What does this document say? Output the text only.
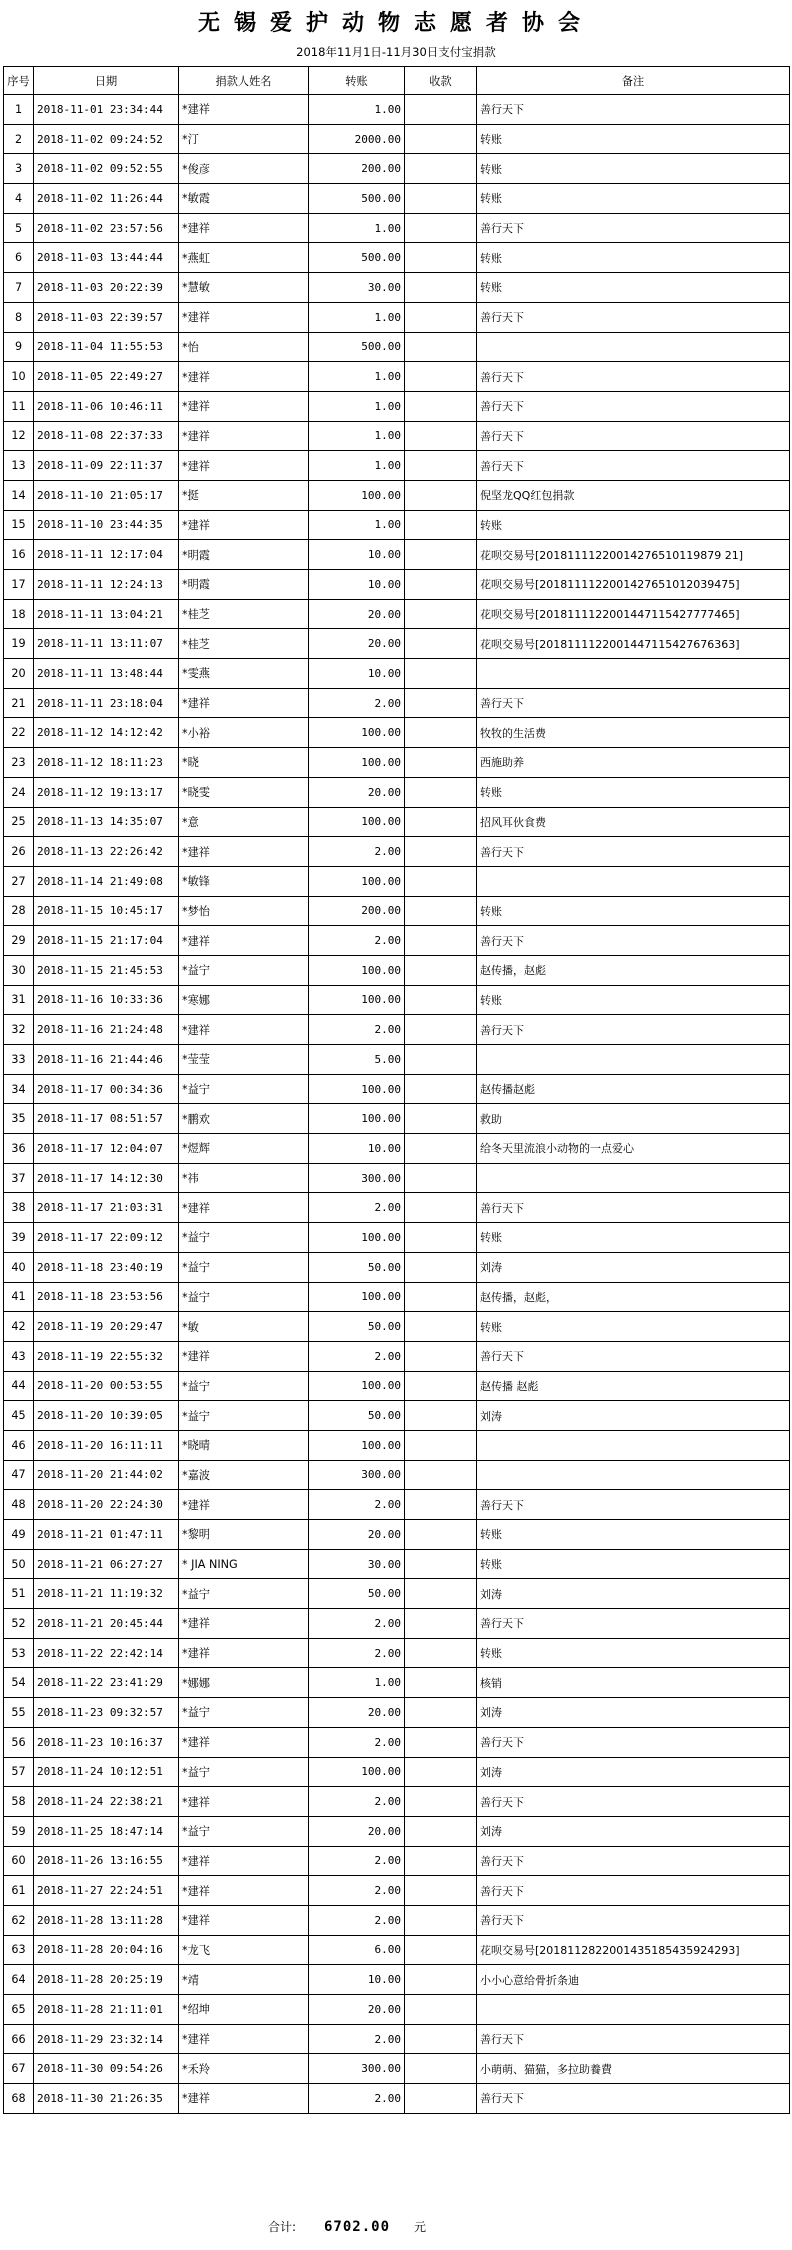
无锡爱护动物志愿者协会
2018年11月1日-11月30日支付宝捐款
序号	日期	捐款人姓名	转账	收款	备注
1	2018-11-01 23:34:44	*建祥	1.00		善行天下
2	2018-11-02 09:24:52	*汀	2000.00		转账
3	2018-11-02 09:52:55	*俊彦	200.00		转账
4	2018-11-02 11:26:44	*敏霞	500.00		转账
5	2018-11-02 23:57:56	*建祥	1.00		善行天下
6	2018-11-03 13:44:44	*燕虹	500.00		转账
7	2018-11-03 20:22:39	*慧敏	30.00		转账
8	2018-11-03 22:39:57	*建祥	1.00		善行天下
9	2018-11-04 11:55:53	*怡	500.00		
10	2018-11-05 22:49:27	*建祥	1.00		善行天下
11	2018-11-06 10:46:11	*建祥	1.00		善行天下
12	2018-11-08 22:37:33	*建祥	1.00		善行天下
13	2018-11-09 22:11:37	*建祥	1.00		善行天下
14	2018-11-10 21:05:17	*挺	100.00		倪坚龙QQ红包捐款
15	2018-11-10 23:44:35	*建祥	1.00		转账
16	2018-11-11 12:17:04	*明霞	10.00		花呗交易号[20181111220014276510119879 21]
17	2018-11-11 12:24:13	*明霞	10.00		花呗交易号[2018111122001427651012039475]
18	2018-11-11 13:04:21	*桂芝	20.00		花呗交易号[2018111122001447115427777465]
19	2018-11-11 13:11:07	*桂芝	20.00		花呗交易号[2018111122001447115427676363]
20	2018-11-11 13:48:44	*雯燕	10.00		
21	2018-11-11 23:18:04	*建祥	2.00		善行天下
22	2018-11-12 14:12:42	*小裕	100.00		牧牧的生活费
23	2018-11-12 18:11:23	*晓	100.00		西施助养
24	2018-11-12 19:13:17	*晓雯	20.00		转账
25	2018-11-13 14:35:07	*意	100.00		招风耳伙食费
26	2018-11-13 22:26:42	*建祥	2.00		善行天下
27	2018-11-14 21:49:08	*敏锋	100.00		
28	2018-11-15 10:45:17	*梦怡	200.00		转账
29	2018-11-15 21:17:04	*建祥	2.00		善行天下
30	2018-11-15 21:45:53	*益宁	100.00		赵传播，赵彪
31	2018-11-16 10:33:36	*寒娜	100.00		转账
32	2018-11-16 21:24:48	*建祥	2.00		善行天下
33	2018-11-16 21:44:46	*莹莹	5.00		
34	2018-11-17 00:34:36	*益宁	100.00		赵传播赵彪
35	2018-11-17 08:51:57	*鹏欢	100.00		救助
36	2018-11-17 12:04:07	*煜辉	10.00		给冬天里流浪小动物的一点爱心
37	2018-11-17 14:12:30	*祎	300.00		
38	2018-11-17 21:03:31	*建祥	2.00		善行天下
39	2018-11-17 22:09:12	*益宁	100.00		转账
40	2018-11-18 23:40:19	*益宁	50.00		刘涛
41	2018-11-18 23:53:56	*益宁	100.00		赵传播，赵彪，
42	2018-11-19 20:29:47	*敏	50.00		转账
43	2018-11-19 22:55:32	*建祥	2.00		善行天下
44	2018-11-20 00:53:55	*益宁	100.00		赵传播 赵彪
45	2018-11-20 10:39:05	*益宁	50.00		刘涛
46	2018-11-20 16:11:11	*晓晴	100.00		
47	2018-11-20 21:44:02	*嘉波	300.00		
48	2018-11-20 22:24:30	*建祥	2.00		善行天下
49	2018-11-21 01:47:11	*黎明	20.00		转账
50	2018-11-21 06:27:27	* JIA NING	30.00		转账
51	2018-11-21 11:19:32	*益宁	50.00		刘涛
52	2018-11-21 20:45:44	*建祥	2.00		善行天下
53	2018-11-22 22:42:14	*建祥	2.00		转账
54	2018-11-22 23:41:29	*娜娜	1.00		核销
55	2018-11-23 09:32:57	*益宁	20.00		刘涛
56	2018-11-23 10:16:37	*建祥	2.00		善行天下
57	2018-11-24 10:12:51	*益宁	100.00		刘涛
58	2018-11-24 22:38:21	*建祥	2.00		善行天下
59	2018-11-25 18:47:14	*益宁	20.00		刘涛
60	2018-11-26 13:16:55	*建祥	2.00		善行天下
61	2018-11-27 22:24:51	*建祥	2.00		善行天下
62	2018-11-28 13:11:28	*建祥	2.00		善行天下
63	2018-11-28 20:04:16	*龙飞	6.00		花呗交易号[2018112822001435185435924293]
64	2018-11-28 20:25:19	*靖	10.00		小小心意给骨折条迪
65	2018-11-28 21:11:01	*绍坤	20.00		
66	2018-11-29 23:32:14	*建祥	2.00		善行天下
67	2018-11-30 09:54:26	*禾羚	300.00		小萌萌、猫猫，多拉助養費
68	2018-11-30 21:26:35	*建祥	2.00		善行天下
合计: 6702.00 元
